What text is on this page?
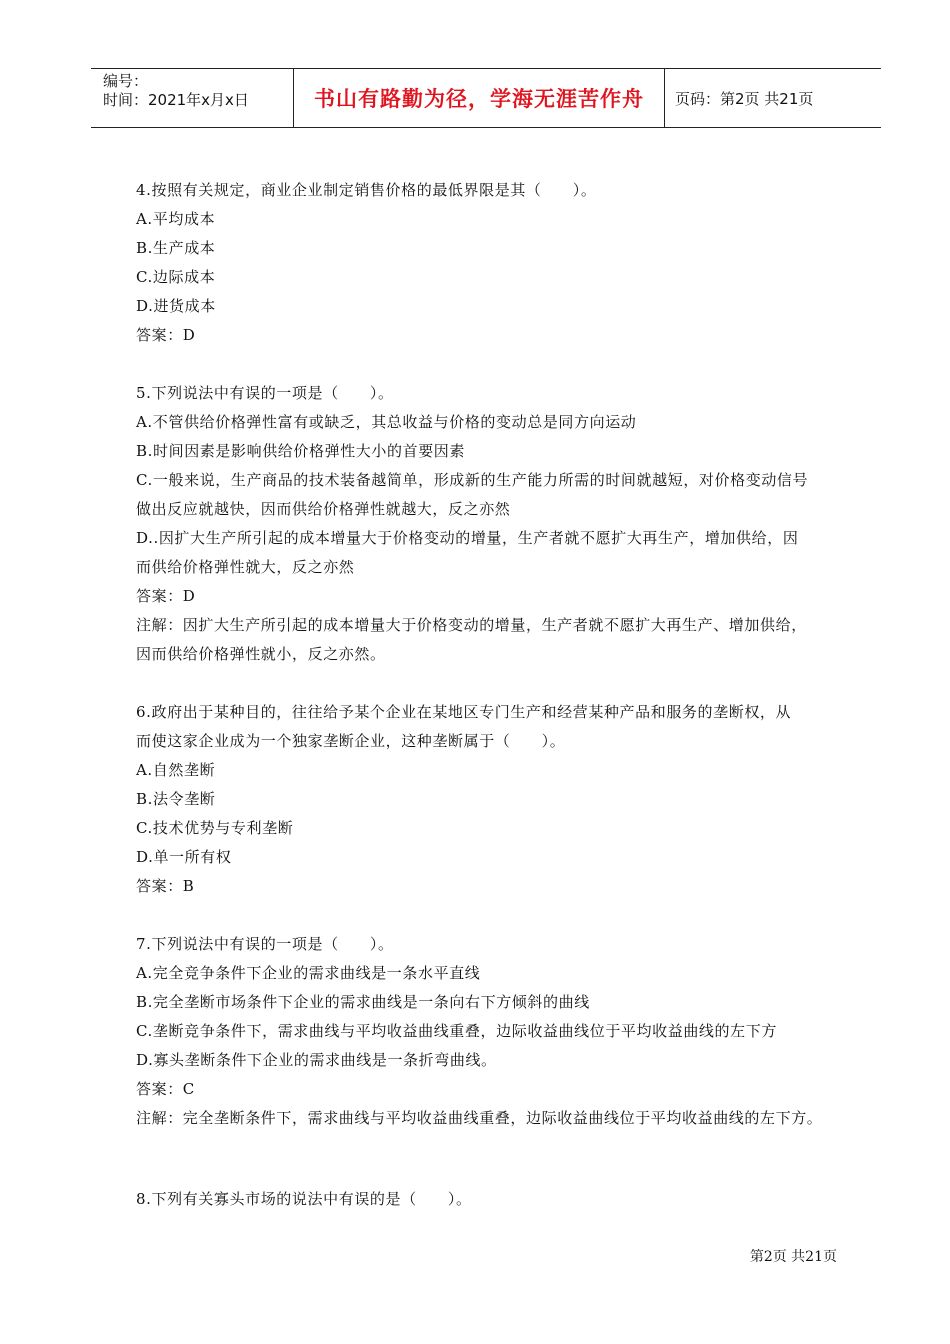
编号：
时间：2021年x月x日	书山有路勤为径，学海无涯苦作舟 页码：第2页 共21页
4.按照有关规定，商业企业制定销售价格的最低界限是其（　　）。
A.平均成本
B.生产成本
C.边际成本
D.进货成本
答案：D
5.下列说法中有误的一项是（　　）。
A.不管供给价格弹性富有或缺乏，其总收益与价格的变动总是同方向运动
B.时间因素是影响供给价格弹性大小的首要因素
C.一般来说，生产商品的技术装备越简单，形成新的生产能力所需的时间就越短，对价格变动信号
做出反应就越快，因而供给价格弹性就越大，反之亦然
D..因扩大生产所引起的成本增量大于价格变动的增量，生产者就不愿扩大再生产，增加供给，因
而供给价格弹性就大，反之亦然
答案：D
注解：因扩大生产所引起的成本增量大于价格变动的增量，生产者就不愿扩大再生产、增加供给，
因而供给价格弹性就小，反之亦然。
6.政府出于某种目的，往往给予某个企业在某地区专门生产和经营某种产品和服务的垄断权，从
而使这家企业成为一个独家垄断企业，这种垄断属于（　　）。
A.自然垄断
B.法令垄断
C.技术优势与专利垄断
D.单一所有权
答案：B
7.下列说法中有误的一项是（　　）。
A.完全竞争条件下企业的需求曲线是一条水平直线
B.完全垄断市场条件下企业的需求曲线是一条向右下方倾斜的曲线
C.垄断竞争条件下，需求曲线与平均收益曲线重叠，边际收益曲线位于平均收益曲线的左下方
D.寡头垄断条件下企业的需求曲线是一条折弯曲线。
答案：C
注解：完全垄断条件下，需求曲线与平均收益曲线重叠，边际收益曲线位于平均收益曲线的左下方。
8.下列有关寡头市场的说法中有误的是（　　）。
第2页 共21页
